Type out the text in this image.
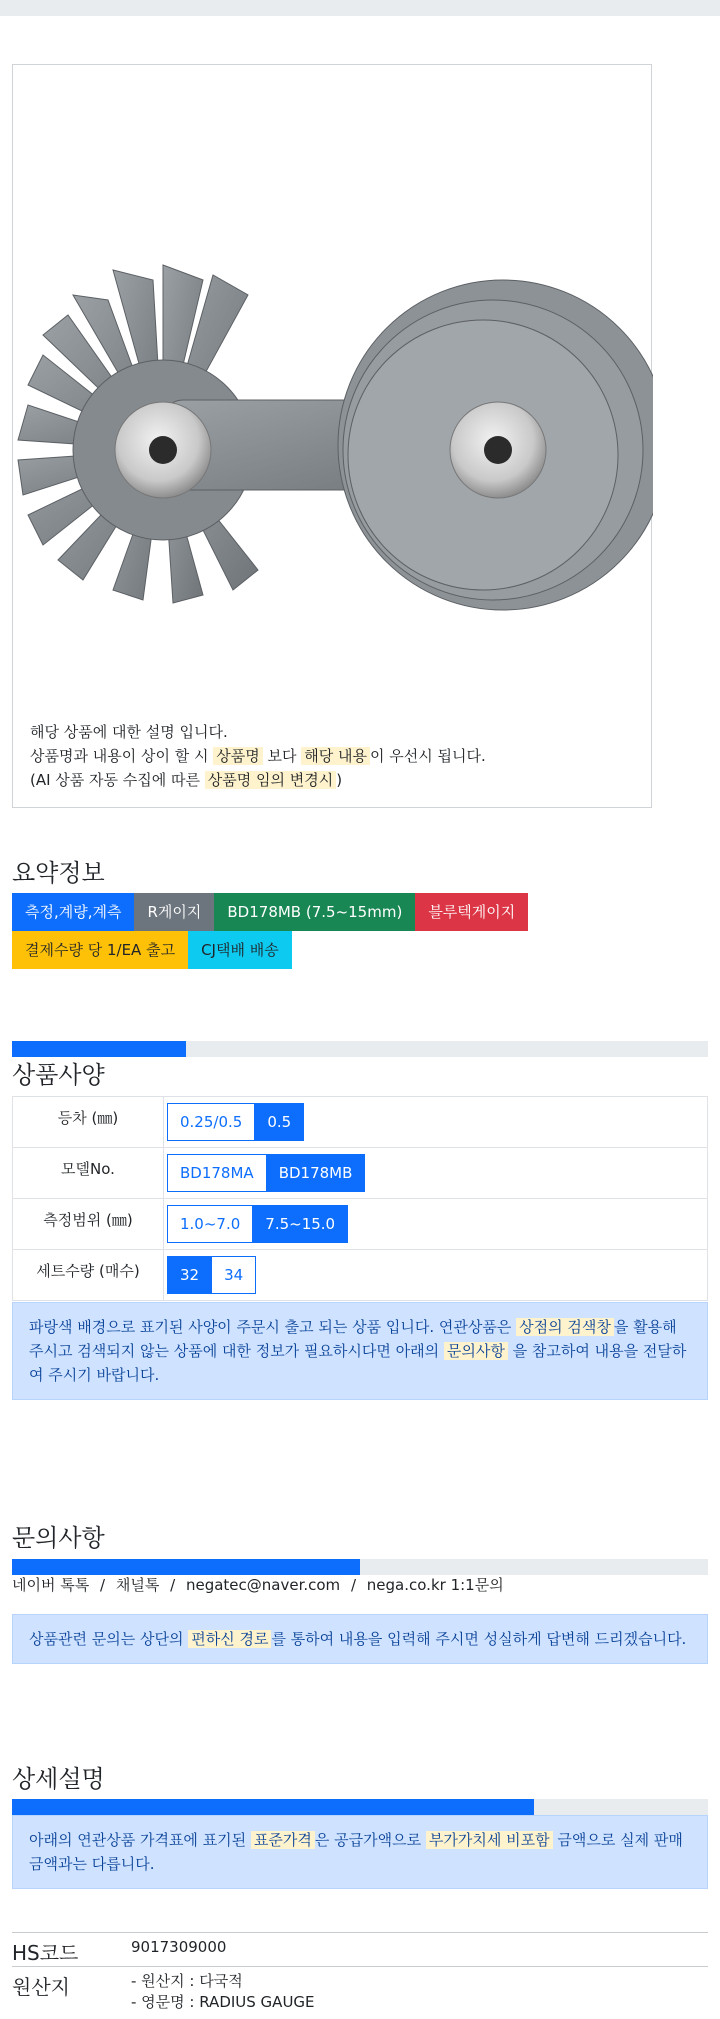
해당 상품에 대한 설명 입니다.
상품명과 내용이 상이 할 시 상품명 보다 해당 내용 이 우선시 됩니다.
(AI 상품 자동 수집에 따른 상품명 임의 변경시 )
요약정보
측정,계량,계측	R게이지	BD178MB (7.5~15mm)	블루텍게이지
결제수량 당 1/EA 출고	CJ택배 배송
상품사양
등차 (㎜)	0.25/0.5 0.5

모델No.	BD178MA BD178MB

측정범위 (㎜)	1.0~7.0 7.5~15.0

세트수량 (매수)	32 34
파랑색 배경으로 표기된 사양이 주문시 출고 되는 상품 입니다. 연관상품은 상점의 검색창 을 활용해 주시고 검색되지 않는 상품에 대한 정보가 필요하시다면 아래의 문의사항 을 참고하여 내용을 전달하여 주시기 바랍니다.
문의사항
네이버 톡톡 / 채널톡 / negatec@naver.com / nega.co.kr 1:1문의
상품관련 문의는 상단의 편하신 경로 를 통하여 내용을 입력해 주시면 성실하게 답변해 드리겠습니다.
상세설명
아래의 연관상품 가격표에 표기된 표준가격 은 공급가액으로 부가가치세 비포함 금액으로 실제 판매금액과는 다릅니다.
HS코드	9017309000
원산지	- 원산지 : 다국적
- 영문명 : RADIUS GAUGE
